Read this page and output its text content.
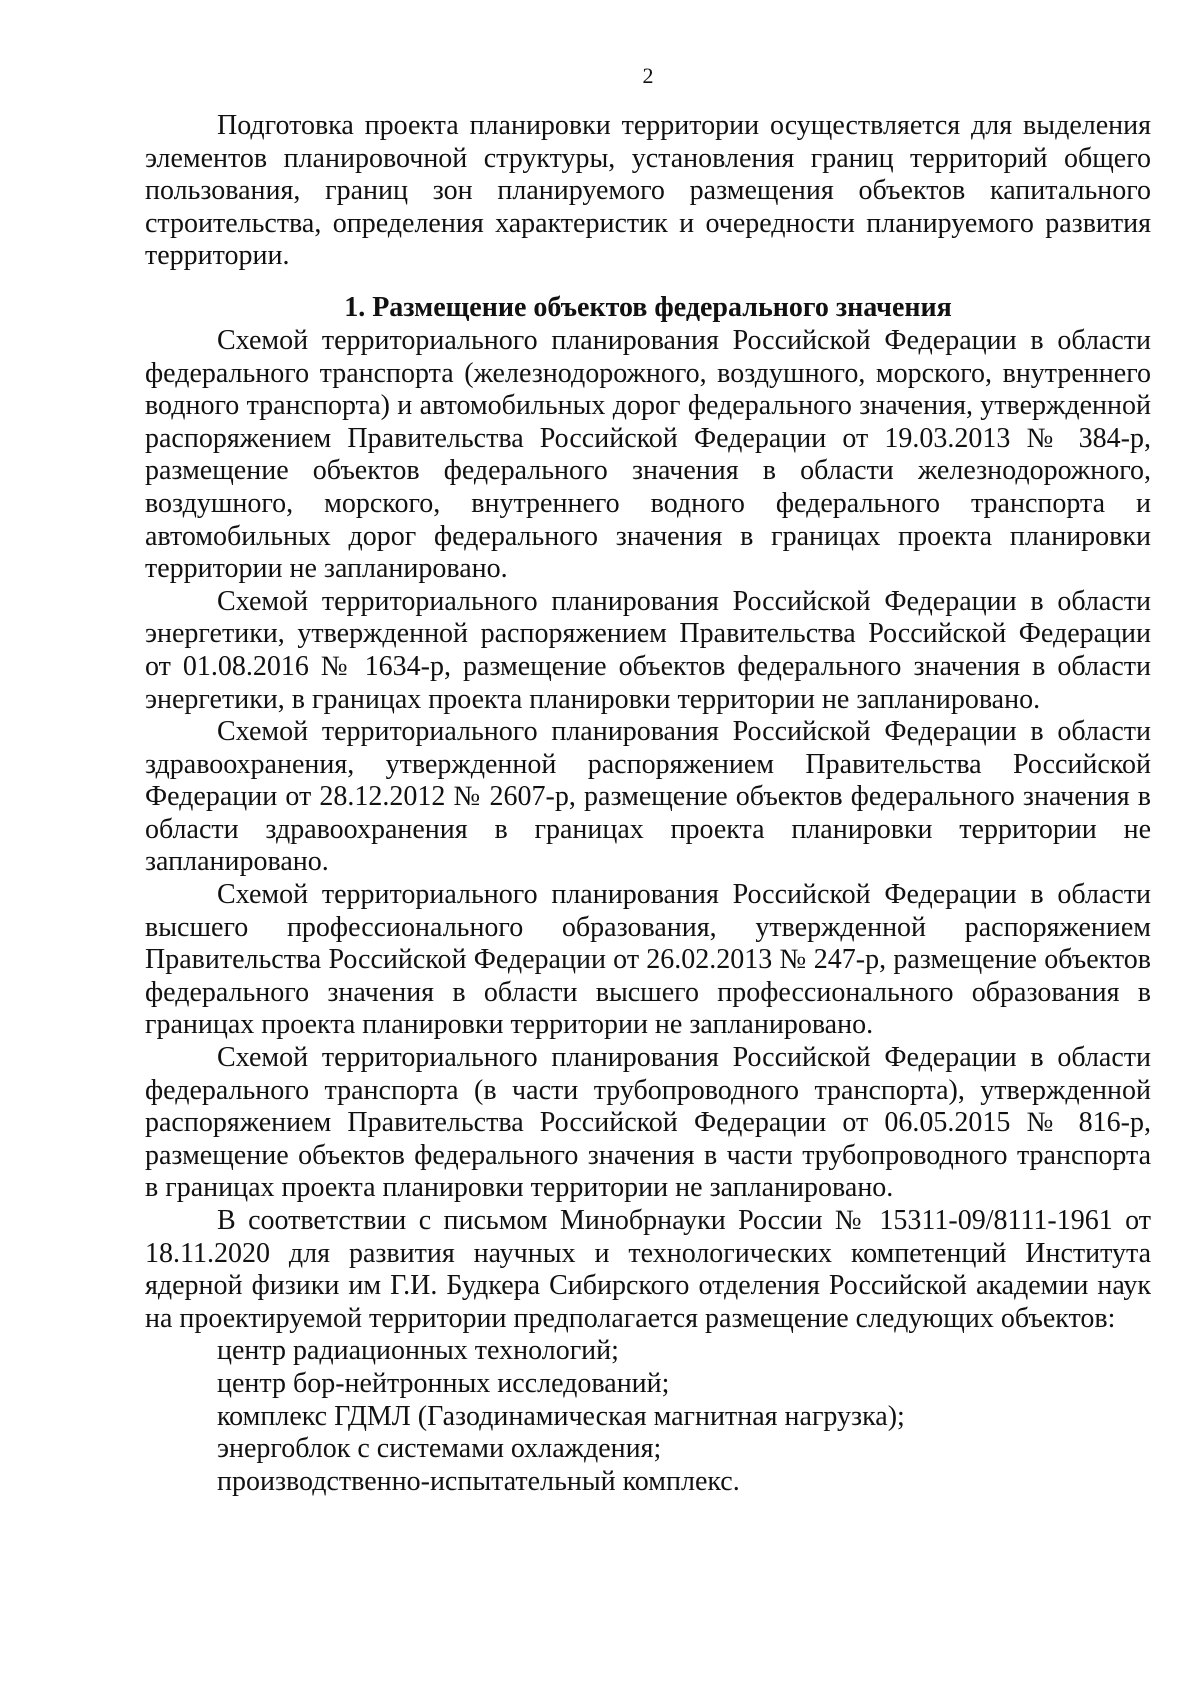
2

Подготовка проекта планировки территории осуществляется для выделения элементов планировочной структуры, установления границ территорий общего пользования, границ зон планируемого размещения объектов капитального строительства, определения характеристик и очередности планируемого развития территории.

1. Размещение объектов федерального значения

Схемой территориального планирования Российской Федерации в области федерального транспорта (железнодорожного, воздушного, морского, внутреннего водного транспорта) и автомобильных дорог федерального значения, утвержденной распоряжением Правительства Российской Федерации от 19.03.2013 № 384-р, размещение объектов федерального значения в области железнодорожного, воздушного, морского, внутреннего водного федерального транспорта и автомобильных дорог федерального значения в границах проекта планировки территории не запланировано.

Схемой территориального планирования Российской Федерации в области энергетики, утвержденной распоряжением Правительства Российской Федерации от 01.08.2016 № 1634-р, размещение объектов федерального значения в области энергетики, в границах проекта планировки территории не запланировано.

Схемой территориального планирования Российской Федерации в области здравоохранения, утвержденной распоряжением Правительства Российской Федерации от 28.12.2012 № 2607-р, размещение объектов федерального значения в области здравоохранения в границах проекта планировки территории не запланировано.

Схемой территориального планирования Российской Федерации в области высшего профессионального образования, утвержденной распоряжением Правительства Российской Федерации от 26.02.2013 № 247-р, размещение объектов федерального значения в области высшего профессионального образования в границах проекта планировки территории не запланировано.

Схемой территориального планирования Российской Федерации в области федерального транспорта (в части трубопроводного транспорта), утвержденной распоряжением Правительства Российской Федерации от 06.05.2015 № 816-р, размещение объектов федерального значения в части трубопроводного транспорта в границах проекта планировки территории не запланировано.

В соответствии с письмом Минобрнауки России № 15311-09/8111-1961 от 18.11.2020 для развития научных и технологических компетенций Института ядерной физики им Г.И. Будкера Сибирского отделения Российской академии наук на проектируемой территории предполагается размещение следующих объектов:

центр радиационных технологий;
центр бор-нейтронных исследований;
комплекс ГДМЛ (Газодинамическая магнитная нагрузка);
энергоблок с системами охлаждения;
производственно-испытательный комплекс.
